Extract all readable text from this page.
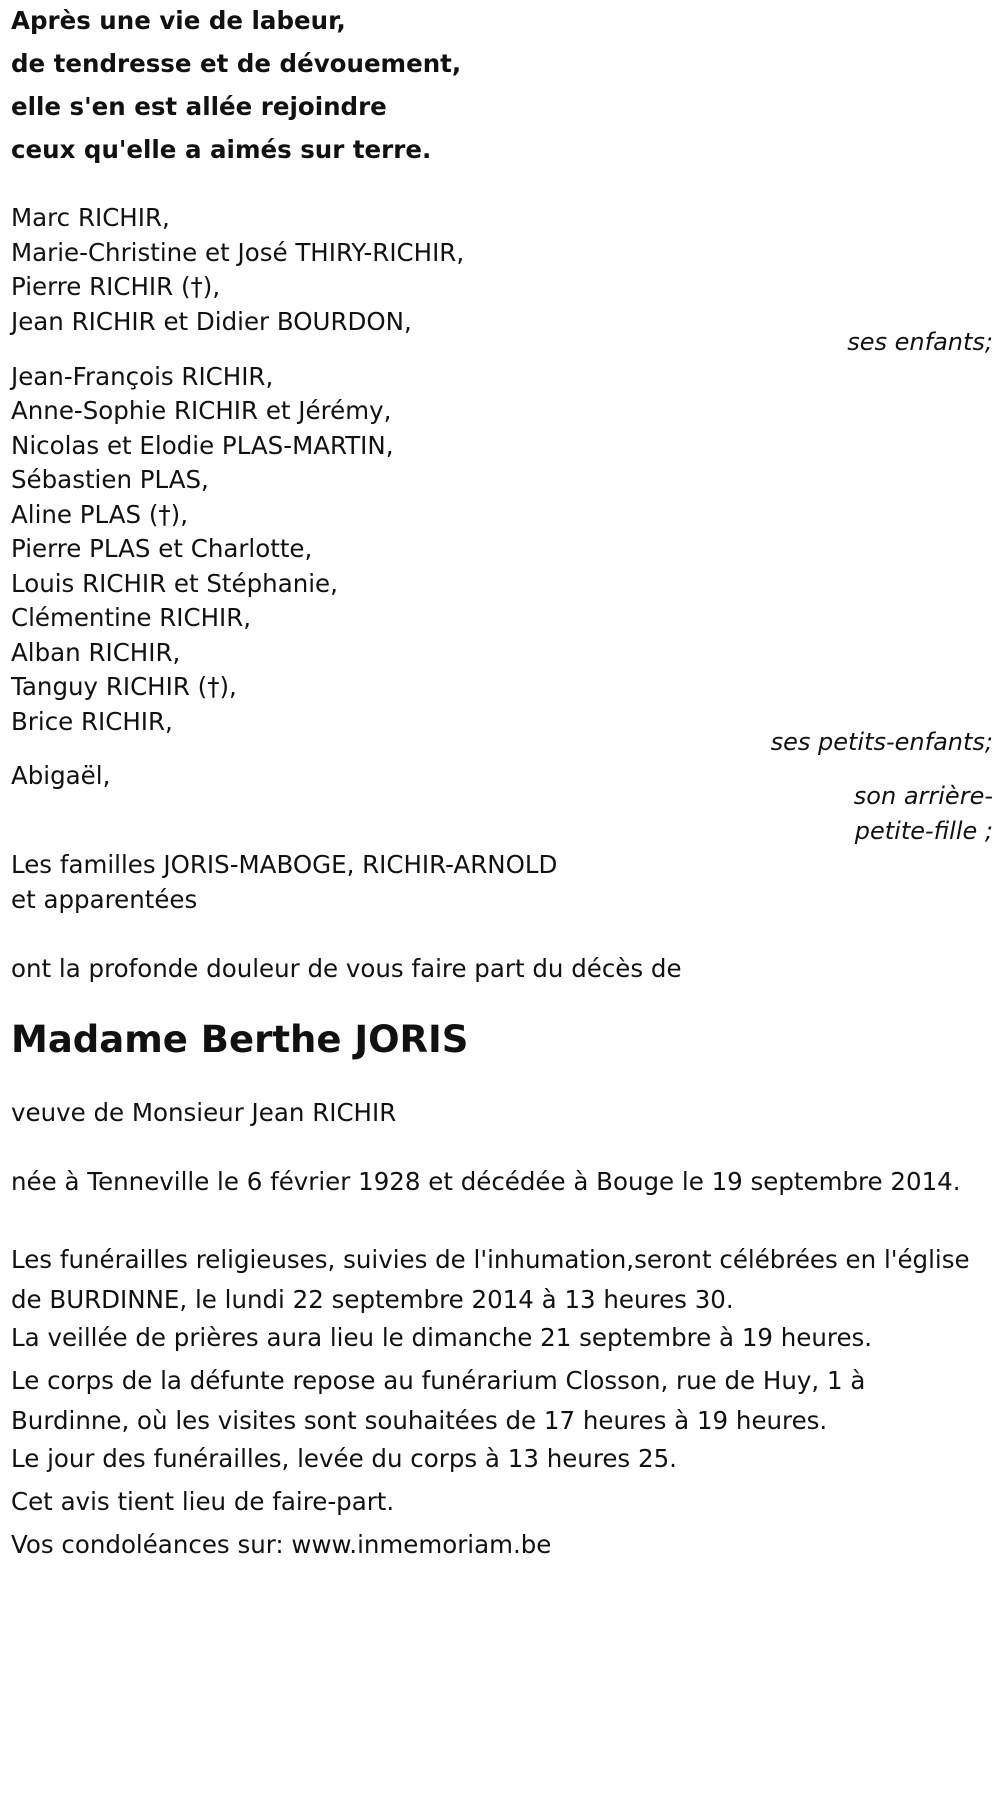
Après une vie de labeur,
de tendresse et de dévouement,
elle s'en est allée rejoindre
ceux qu'elle a aimés sur terre.
Marc RICHIR,
Marie-Christine et José THIRY-RICHIR,
Pierre RICHIR (†),
Jean RICHIR et Didier BOURDON,
ses enfants;
Jean-François RICHIR,
Anne-Sophie RICHIR et Jérémy,
Nicolas et Elodie PLAS-MARTIN,
Sébastien PLAS,
Aline PLAS (†),
Pierre PLAS et Charlotte,
Louis RICHIR et Stéphanie,
Clémentine RICHIR,
Alban RICHIR,
Tanguy RICHIR (†),
Brice RICHIR,
ses petits-enfants;
Abigaël,
son arrière-
petite-fille ;
Les familles JORIS-MABOGE, RICHIR-ARNOLD
et apparentées
ont la profonde douleur de vous faire part du décès de
Madame Berthe JORIS
veuve de Monsieur Jean RICHIR
née à Tenneville le 6 février 1928 et décédée à Bouge le 19 septembre 2014.
Les funérailles religieuses, suivies de l'inhumation,seront célébrées en l'église de BURDINNE, le lundi 22 septembre 2014 à 13 heures 30.
La veillée de prières aura lieu le dimanche 21 septembre à 19 heures.
Le corps de la défunte repose au funérarium Closson, rue de Huy, 1 à Burdinne, où les visites sont souhaitées de 17 heures à 19 heures.
Le jour des funérailles, levée du corps à 13 heures 25.
Cet avis tient lieu de faire-part.
Vos condoléances sur: www.inmemoriam.be
